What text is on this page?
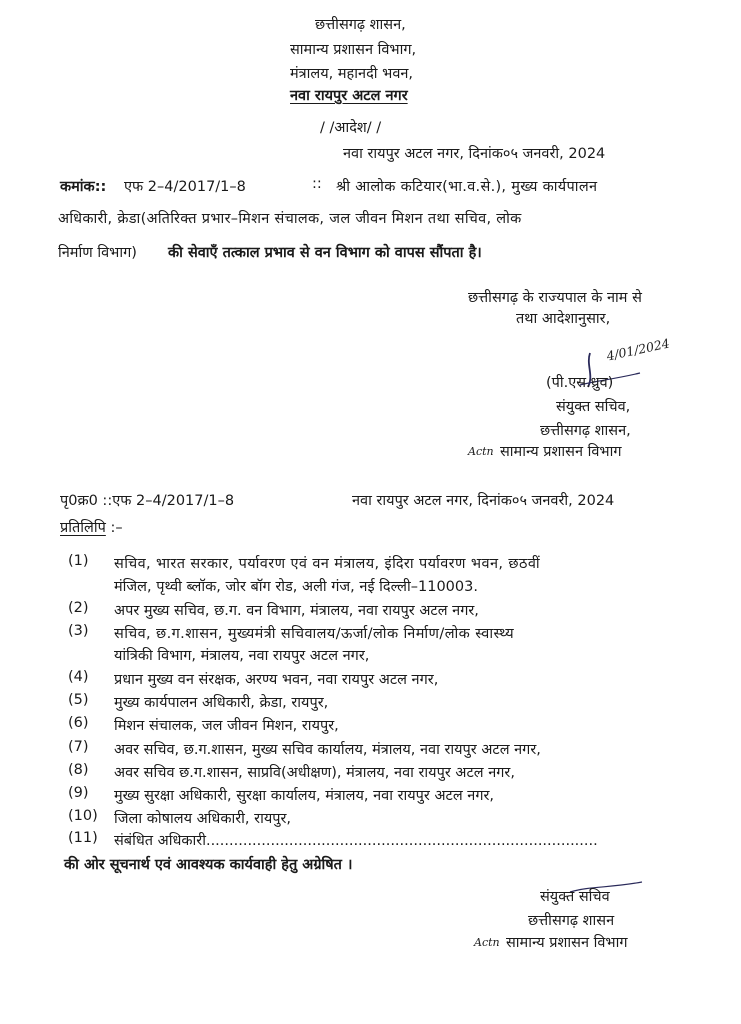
छत्तीसगढ़ शासन,
सामान्य प्रशासन विभाग,
मंत्रालय, महानदी भवन,
नवा रायपुर अटल नगर
/ /आदेश/ /
नवा रायपुर अटल नगर, दिनांक०५ जनवरी, 2024
कमांक:: एफ 2–4/2017/1–8	:: श्री आलोक कटियार(भा.व.से.), मुख्य कार्यपालन
अधिकारी, क्रेडा(अतिरिक्त प्रभार–मिशन संचालक, जल जीवन मिशन तथा सचिव, लोक
निर्माण विभाग) की सेवाएँ तत्काल प्रभाव से वन विभाग को वापस सौंपता है।
छत्तीसगढ़ के राज्यपाल के नाम से
तथा आदेशानुसार,
4/01/2024
(पी.एस.ध्रुव)
संयुक्त सचिव,
छत्तीसगढ़ शासन,
Actn सामान्य प्रशासन विभाग
पृ0क्र0 ::एफ 2–4/2017/1–8	नवा रायपुर अटल नगर, दिनांक०५ जनवरी, 2024
प्रतिलिपि :–
(1) सचिव, भारत सरकार, पर्यावरण एवं वन मंत्रालय, इंदिरा पर्यावरण भवन, छठवीं
मंजिल, पृथ्वी ब्लॉक, जोर बॉग रोड, अली गंज, नई दिल्ली–110003.
(2) अपर मुख्य सचिव, छ.ग. वन विभाग, मंत्रालय, नवा रायपुर अटल नगर,
(3) सचिव, छ.ग.शासन, मुख्यमंत्री सचिवालय/ऊर्जा/लोक निर्माण/लोक स्वास्थ्य
यांत्रिकी विभाग, मंत्रालय, नवा रायपुर अटल नगर,
(4) प्रधान मुख्य वन संरक्षक, अरण्य भवन, नवा रायपुर अटल नगर,
(5) मुख्य कार्यपालन अधिकारी, क्रेडा, रायपुर,
(6) मिशन संचालक, जल जीवन मिशन, रायपुर,
(7) अवर सचिव, छ.ग.शासन, मुख्य सचिव कार्यालय, मंत्रालय, नवा रायपुर अटल नगर,
(8) अवर सचिव छ.ग.शासन, साप्रवि(अधीक्षण), मंत्रालय, नवा रायपुर अटल नगर,
(9) मुख्य सुरक्षा अधिकारी, सुरक्षा कार्यालय, मंत्रालय, नवा रायपुर अटल नगर,
(10) जिला कोषालय अधिकारी, रायपुर,
(11) संबंधित अधिकारी.....................................................................................
की ओर सूचनार्थ एवं आवश्यक कार्यवाही हेतु अग्रेषित ।
संयुक्त सचिव
छत्तीसगढ़ शासन
Actn सामान्य प्रशासन विभाग
